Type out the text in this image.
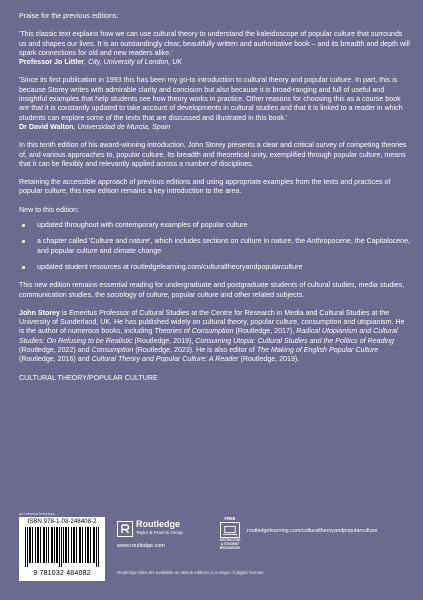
Praise for the previous editions:

'This classic text explains how we can use cultural theory to understand the kaleidoscope of popular culture that surrounds us and shapes our lives. It is an outstandingly clear, beautifully written and authoritative book – and its breadth and depth will spark connections for old and new readers alike.'

Professor Jo Littler, City, University of London, UK

'Since its first publication in 1993 this has been my go-to introduction to cultural theory and popular culture. In part, this is because Storey writes with admirable clarity and concision but also because it is broad-ranging and full of useful and insightful examples that help students see how theory works in practice. Other reasons for choosing this as a course book are that it is constantly updated to take account of developments in cultural studies and that it is linked to a reader in which students can explore some of the texts that are discussed and illustrated in this book.'

Dr David Walton, Universidad de Murcia, Spain

In this tenth edition of his award-winning introduction, John Storey presents a clear and critical survey of competing theories of, and various approaches to, popular culture. Its breadth and theoretical unity, exemplified through popular culture, means that it can be flexibly and relevantly applied across a number of disciplines.

Retaining the accessible approach of previous editions and using appropriate examples from the texts and practices of popular culture, this new edition remains a key introduction to the area.

New to this edition:

updated throughout with contemporary examples of popular culture
a chapter called 'Culture and nature', which includes sections on culture in nature, the Anthropocene, the Capitalocene, and popular culture and climate change
updated student resources at routledgelearning.com/culturaltheoryandpopularculture

This new edition remains essential reading for undergraduate and postgraduate students of cultural studies, media studies, communication studies, the sociology of culture, popular culture and other related subjects.

John Storey is Emeritus Professor of Cultural Studies at the Centre for Research in Media and Cultural Studies at the University of Sunderland, UK. He has published widely on cultural theory, popular culture, consumption and utopianism. He is the author of numerous books, including Theories of Consumption (Routledge, 2017), Radical Utopianism and Cultural Studies: On Refusing to be Realistic (Routledge, 2019), Consuming Utopia: Cultural Studies and the Politics of Reading (Routledge, 2022) and Consumption (Routledge, 2023). He is also editor of The Making of English Popular Culture (Routledge, 2016) and Cultural Theory and Popular Culture: A Reader (Routledge, 2019).

CULTURAL THEORY/POPULAR CULTURE

an informa business
ISBN 978-1-03-248408-2
9 781032 484082
Routledge
Taylor & Francis Group
www.routledge.com
FREE
INSTRUCTOR
& STUDENT
RESOURCES
routledgelearning.com/culturaltheoryandpopularculture
Routledge titles are available as eBook editions in a range of digital formats
